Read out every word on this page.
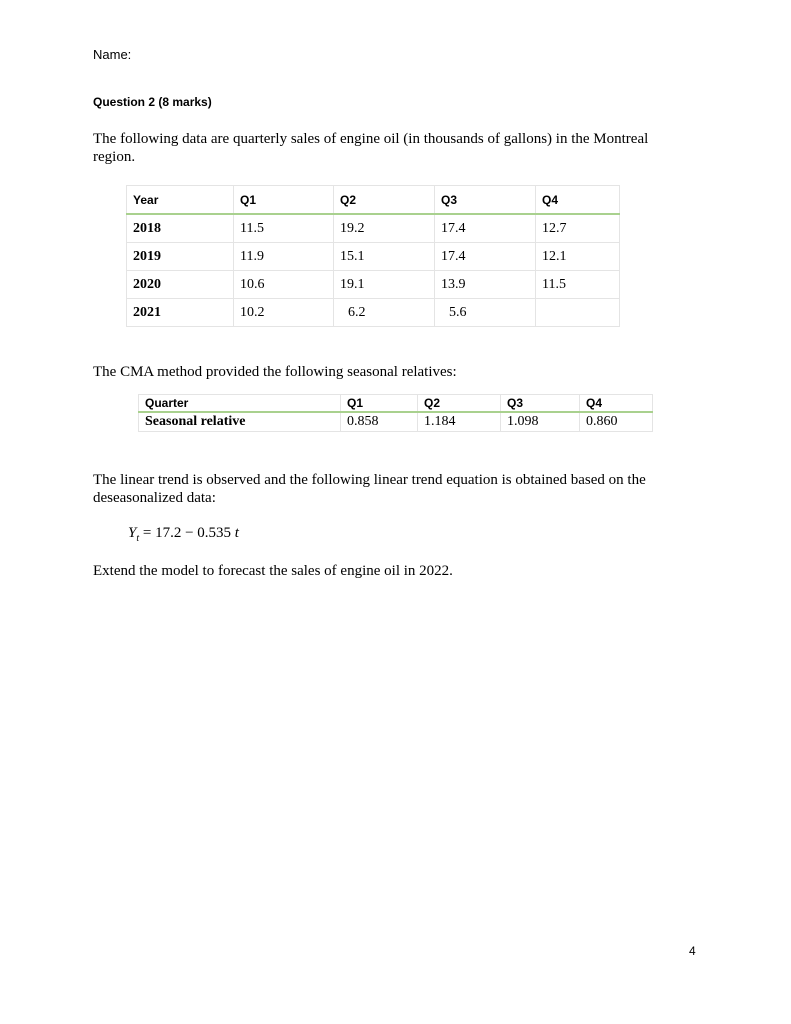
Name:
Question 2 (8 marks)
The following data are quarterly sales of engine oil (in thousands of gallons) in the Montreal region.
Year	Q1	Q2	Q3	Q4
2018	11.5	19.2	17.4	12.7
2019	11.9	15.1	17.4	12.1
2020	10.6	19.1	13.9	11.5
2021	10.2	6.2	5.6	
The CMA method provided the following seasonal relatives:
Quarter	Q1	Q2	Q3	Q4
Seasonal relative	0.858	1.184	1.098	0.860
The linear trend is observed and the following linear trend equation is obtained based on the deseasonalized data:
$Y_t = 17.2 - 0.535$ t
Extend the model to forecast the sales of engine oil in 2022.
4
